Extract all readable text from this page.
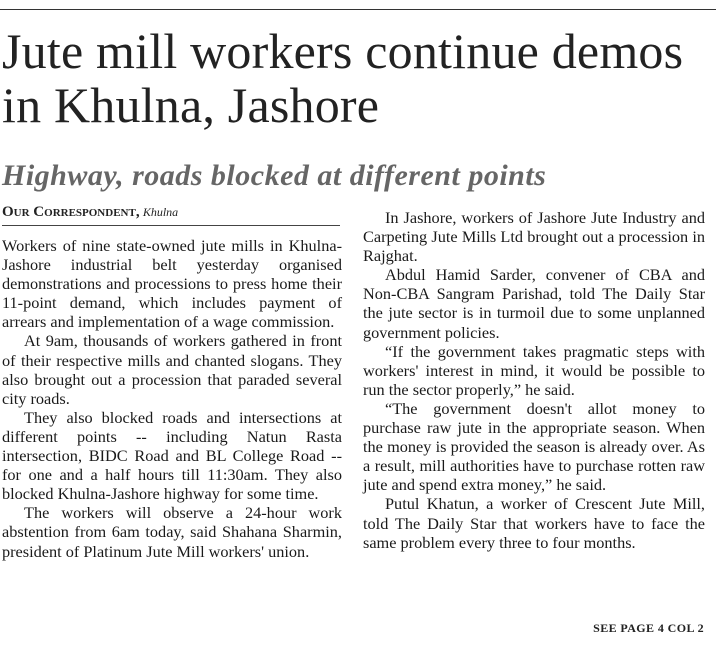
Jute mill workers continue demos in Khulna, Jashore
Highway, roads blocked at different points
Our Correspondent, Khulna

Workers of nine state-owned jute mills in Khulna-Jashore industrial belt yesterday organised demonstrations and processions to press home their 11-point demand, which includes payment of arrears and implementation of a wage commission.

At 9am, thousands of workers gathered in front of their respective mills and chanted slogans. They also brought out a procession that paraded several city roads.

They also blocked roads and intersections at different points -- including Natun Rasta intersection, BIDC Road and BL College Road -- for one and a half hours till 11:30am. They also blocked Khulna-Jashore highway for some time.

The workers will observe a 24-hour work abstention from 6am today, said Shahana Sharmin, president of Platinum Jute Mill workers' union.

In Jashore, workers of Jashore Jute Industry and Carpeting Jute Mills Ltd brought out a procession in Rajghat.

Abdul Hamid Sarder, convener of CBA and Non-CBA Sangram Parishad, told The Daily Star the jute sector is in turmoil due to some unplanned government policies.

“If the government takes pragmatic steps with workers' interest in mind, it would be possible to run the sector properly,” he said.

“The government doesn't allot money to purchase raw jute in the appropriate season. When the money is provided the season is already over. As a result, mill authorities have to purchase rotten raw jute and spend extra money,” he said.

Putul Khatun, a worker of Crescent Jute Mill, told The Daily Star that workers have to face the same problem every three to four months.

SEE PAGE 4 COL 2
